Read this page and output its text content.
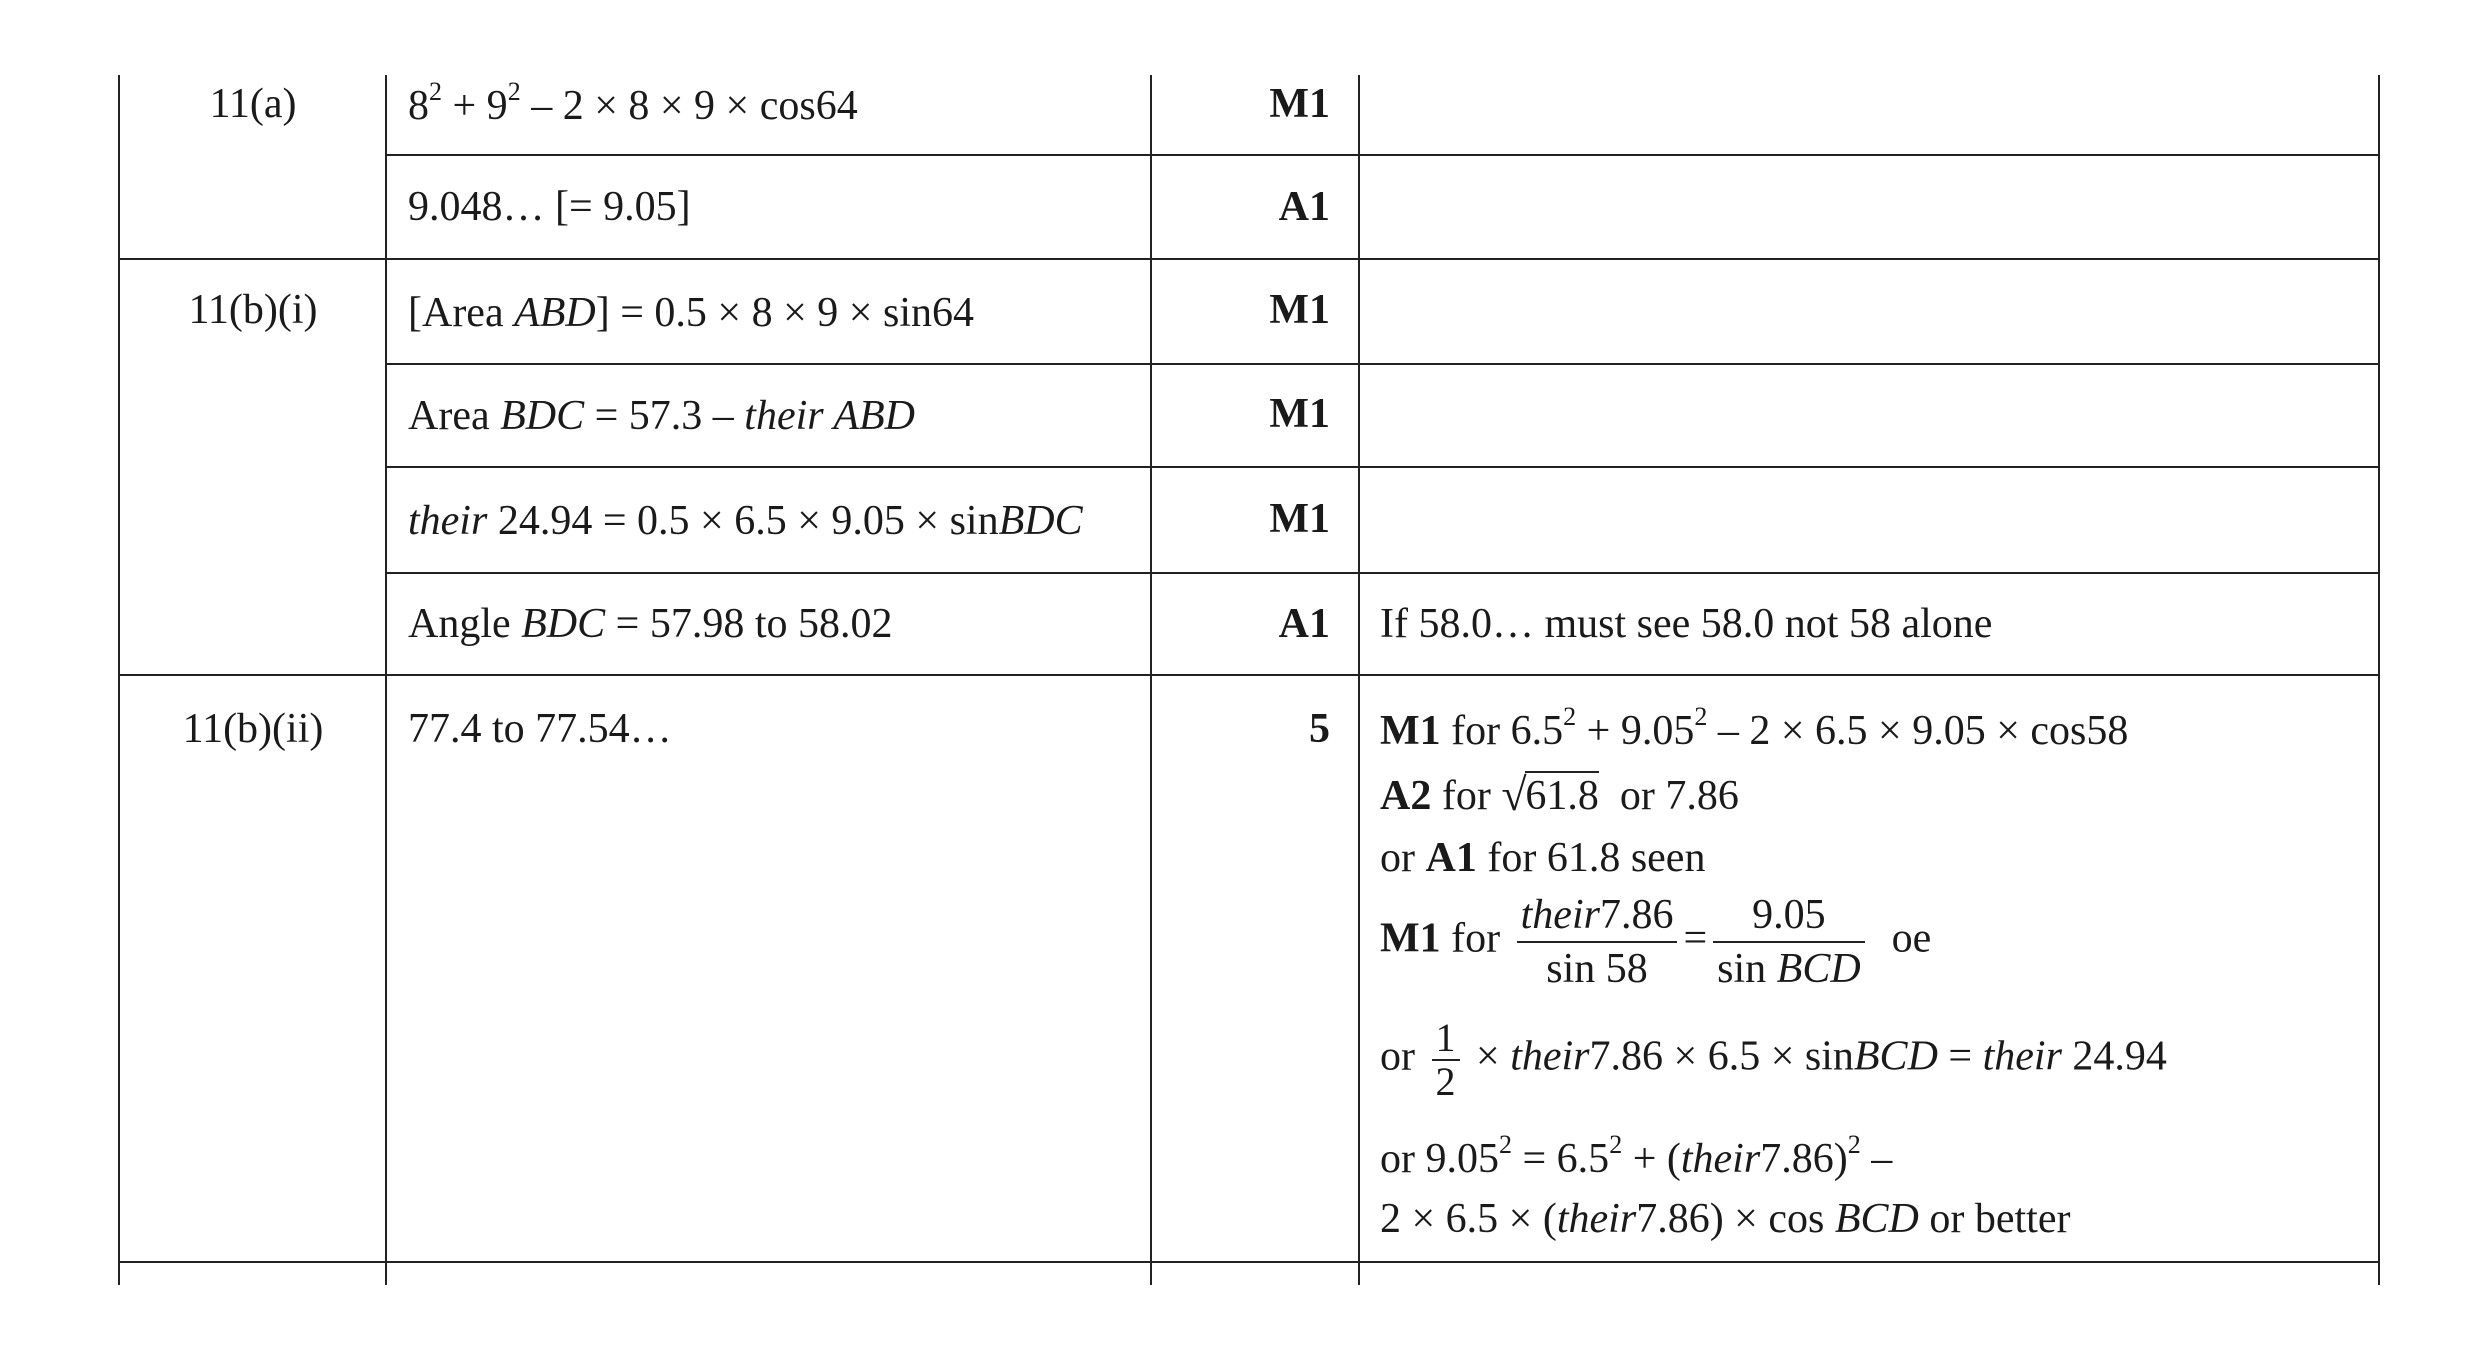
11(a)	$8^2 + 9^2 - 2 \times 8 \times 9 \times \cos 64$	M1
9.048… [= 9.05]	A1
11(b)(i)	[Area ABD] = 0.5 × 8 × 9 × sin64	M1
Area BDC = 57.3 – their ABD	M1
their 24.94 = 0.5 × 6.5 × 9.05 × sinBDC	M1
Angle BDC = 57.98 to 58.02	A1 If 58.0… must see 58.0 not 58 alone
11(b)(ii)	77.4 to 77.54…	5 M1 for $6.5^2 + 9.05^2 - 2 \times 6.5 \times 9.05 \times \cos 58$
A2 for √
61.8  or 7.86
or A1 for 61.8 seen
M1 for $\frac{\text{their7.86}}{\sin 58} = \frac{9.05}{\text{sin BCD}}$ oe
or $\frac{1}{2}$ × their7.86 × 6.5 × sinBCD = their 24.94
or $9.05^2 = 6.5^2$ + (their7.86)$^2$ –
2 × 6.5 × (their7.86) × cos BCD or better
